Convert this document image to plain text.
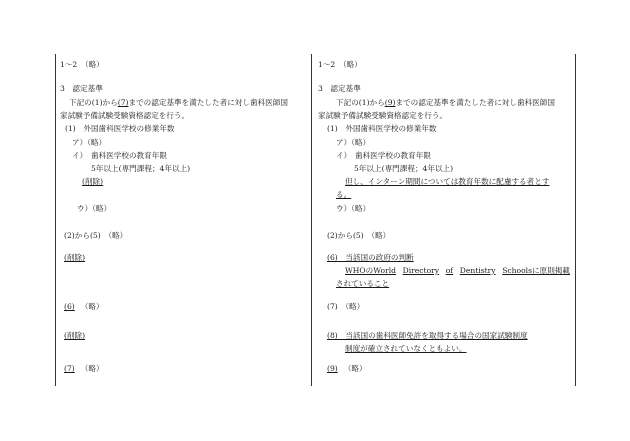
1～2　（略）
3　認定基準
下記の(1)から(7)までの認定基準を満たした者に対し歯科医師国
家試験予備試験受験資格認定を行う。
(1)　外国歯科医学校の修業年数
ア）（略）
イ）　歯科医学校の教育年限
5年以上(専門課程；4年以上)
(削除)
ウ）（略）
(2)から(5)　（略）
(削除)
(6) （略）
(削除)
(7) （略）
1～2　（略）
3　認定基準
下記の(1)から(9)までの認定基準を満たした者に対し歯科医師国
家試験予備試験受験資格認定を行う。
(1)　外国歯科医学校の修業年数
ア）（略）
イ）　歯科医学校の教育年限
5年以上(専門課程；4年以上)
但し、インターン期間については教育年数に配慮する者とす
る。
ウ）（略）
(2)から(5)　（略）
(6)　当該国の政府の判断
WHOのWorld Directory of Dentistry Schoolsに原則掲載
されていること
(7)　（略）
(8)　当該国の歯科医師免許を取得する場合の国家試験制度
制度が確立されていなくともよい。
(9) （略）
